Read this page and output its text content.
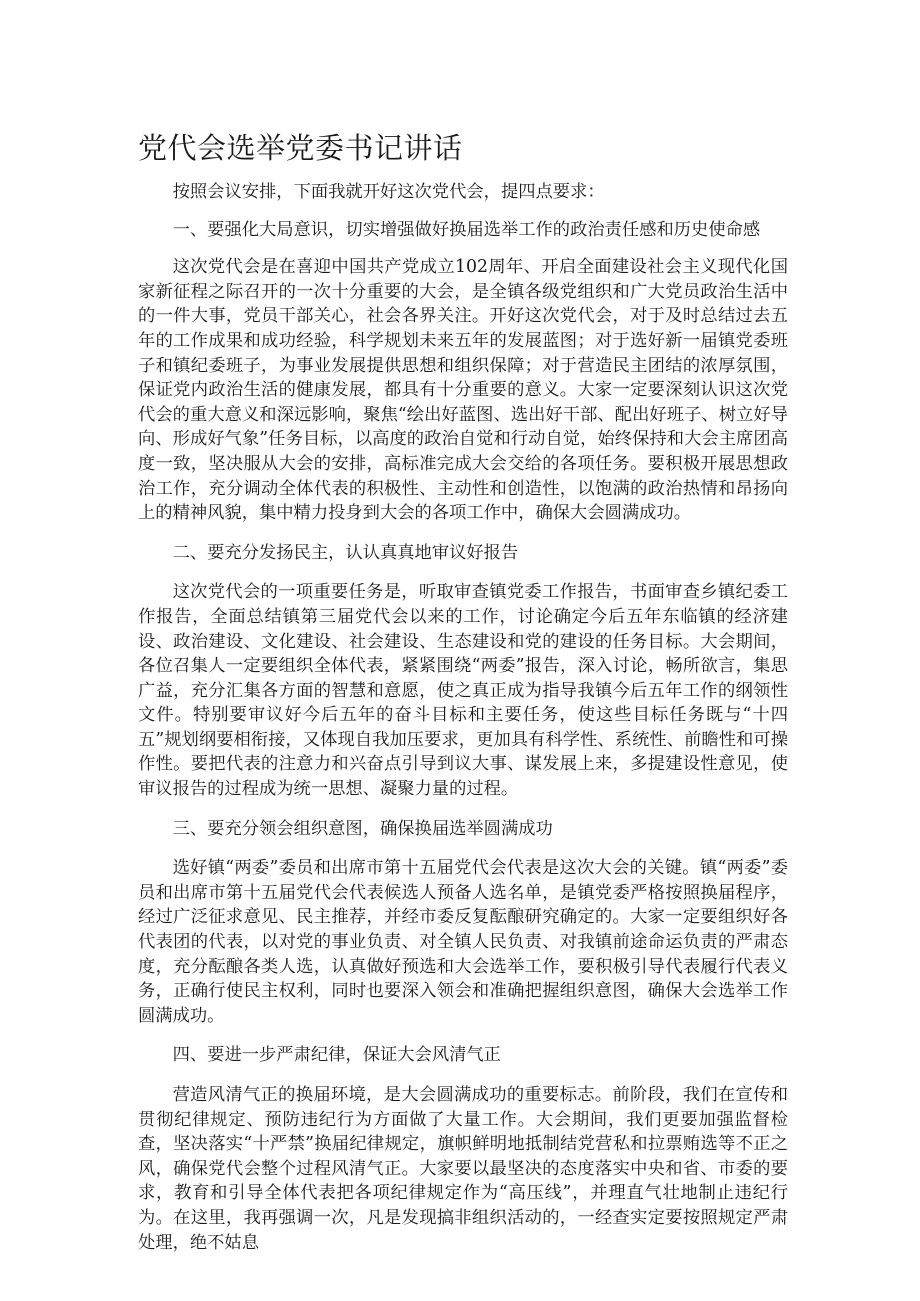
党代会选举党委书记讲话

按照会议安排，下面我就开好这次党代会，提四点要求：

一、要强化大局意识，切实增强做好换届选举工作的政治责任感和历史使命感

这次党代会是在喜迎中国共产党成立102周年、开启全面建设社会主义现代化国家新征程之际召开的一次十分重要的大会，是全镇各级党组织和广大党员政治生活中的一件大事，党员干部关心，社会各界关注。开好这次党代会，对于及时总结过去五年的工作成果和成功经验，科学规划未来五年的发展蓝图；对于选好新一届镇党委班子和镇纪委班子，为事业发展提供思想和组织保障；对于营造民主团结的浓厚氛围，保证党内政治生活的健康发展，都具有十分重要的意义。大家一定要深刻认识这次党代会的重大意义和深远影响，聚焦“绘出好蓝图、选出好干部、配出好班子、树立好导向、形成好气象”任务目标，以高度的政治自觉和行动自觉，始终保持和大会主席团高度一致，坚决服从大会的安排，高标准完成大会交给的各项任务。要积极开展思想政治工作，充分调动全体代表的积极性、主动性和创造性，以饱满的政治热情和昂扬向上的精神风貌，集中精力投身到大会的各项工作中，确保大会圆满成功。

二、要充分发扬民主，认认真真地审议好报告

这次党代会的一项重要任务是，听取审查镇党委工作报告，书面审查乡镇纪委工作报告，全面总结镇第三届党代会以来的工作，讨论确定今后五年东临镇的经济建设、政治建设、文化建设、社会建设、生态建设和党的建设的任务目标。大会期间，各位召集人一定要组织全体代表，紧紧围绕“两委”报告，深入讨论，畅所欲言，集思广益，充分汇集各方面的智慧和意愿，使之真正成为指导我镇今后五年工作的纲领性文件。特别要审议好今后五年的奋斗目标和主要任务，使这些目标任务既与“十四五”规划纲要相衔接，又体现自我加压要求，更加具有科学性、系统性、前瞻性和可操作性。要把代表的注意力和兴奋点引导到议大事、谋发展上来，多提建设性意见，使审议报告的过程成为统一思想、凝聚力量的过程。

三、要充分领会组织意图，确保换届选举圆满成功

选好镇“两委”委员和出席市第十五届党代会代表是这次大会的关键。镇“两委”委员和出席市第十五届党代会代表候选人预备人选名单，是镇党委严格按照换届程序，经过广泛征求意见、民主推荐，并经市委反复酝酿研究确定的。大家一定要组织好各代表团的代表，以对党的事业负责、对全镇人民负责、对我镇前途命运负责的严肃态度，充分酝酿各类人选，认真做好预选和大会选举工作，要积极引导代表履行代表义务，正确行使民主权利，同时也要深入领会和准确把握组织意图，确保大会选举工作圆满成功。

四、要进一步严肃纪律，保证大会风清气正

营造风清气正的换届环境，是大会圆满成功的重要标志。前阶段，我们在宣传和贯彻纪律规定、预防违纪行为方面做了大量工作。大会期间，我们更要加强监督检查，坚决落实“十严禁”换届纪律规定，旗帜鲜明地抵制结党营私和拉票贿选等不正之风，确保党代会整个过程风清气正。大家要以最坚决的态度落实中央和省、市委的要求，教育和引导全体代表把各项纪律规定作为“高压线”，并理直气壮地制止违纪行为。在这里，我再强调一次，凡是发现搞非组织活动的，一经查实定要按照规定严肃处理，绝不姑息
